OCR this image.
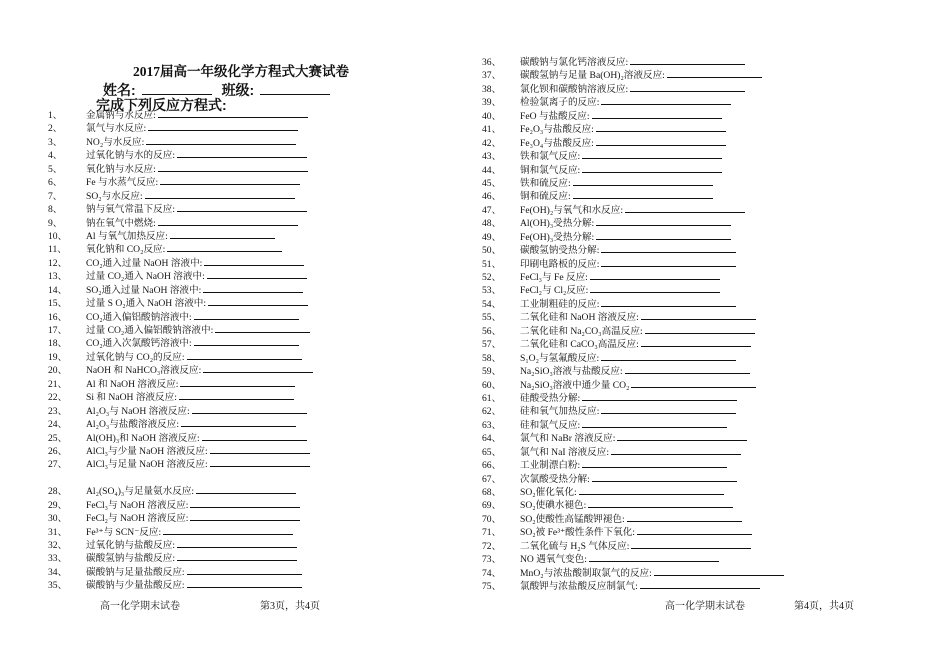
2017届高一年级化学方程式大赛试卷
姓名:	班级:
完成下列反应方程式:
1、 金属钠与水反应:
2、 氯气与水反应:
3、 NO₂与水反应:
4、 过氧化钠与水的反应:
5、 氧化钠与水反应:
6、 Fe 与水蒸气反应:
7、 SO₂与水反应:
8、 钠与氧气常温下反应:
9、 钠在氧气中燃烧:
10、 Al 与氧气加热反应:
11、 氧化钠和 CO₂反应:
12、 CO₂通入过量 NaOH 溶液中:
13、 过量 CO₂通入 NaOH 溶液中:
14、 SO₂通入过量 NaOH 溶液中:
15、 过量 S O₂通入 NaOH 溶液中:
16、 CO₂通入偏铝酸钠溶液中:
17、 过量 CO₂通入偏铝酸钠溶液中:
18、 CO₂通入次氯酸钙溶液中:
19、 过氧化钠与 CO₂的反应:
20、 NaOH 和 NaHCO₃溶液反应:
21、 Al 和 NaOH 溶液反应:
22、 Si 和 NaOH 溶液反应:
23、 Al₂O₃与 NaOH 溶液反应:
24、 Al₂O₃与盐酸溶液反应:
25、 Al(OH)₃和 NaOH 溶液反应:
26、 AlCl₃与少量 NaOH 溶液反应:
27、 AlCl₃与足量 NaOH 溶液反应:
28、 Al₂(SO₄)₃与足量氨水反应:
29、 FeCl₃与 NaOH 溶液反应:
30、 FeCl₂与 NaOH 溶液反应:
31、 Fe³⁺与 SCN⁻反应:
32、 过氧化钠与盐酸反应:
33、 碳酸氢钠与盐酸反应:
34、 碳酸钠与足量盐酸反应:
35、 碳酸钠与少量盐酸反应:
高一化学期末试卷	第3页，共4页
36、 碳酸钠与氯化钙溶液反应:
37、 碳酸氢钠与足量 Ba(OH)₂溶液反应:
38、 氯化钡和碳酸钠溶液反应:
39、 检验氯离子的反应:
40、 FeO 与盐酸反应:
41、 Fe₂O₃与盐酸反应:
42、 Fe₃O₄与盐酸反应:
43、 铁和氯气反应:
44、 铜和氯气反应:
45、 铁和硫反应:
46、 铜和硫反应:
47、 Fe(OH)₂与氧气和水反应:
48、 Al(OH)₃受热分解:
49、 Fe(OH)₃受热分解:
50、 碳酸氢钠受热分解:
51、 印刷电路板的反应:
52、 FeCl₃与 Fe 反应:
53、 FeCl₂与 Cl₂反应:
54、 工业制粗硅的反应:
55、 二氧化硅和 NaOH 溶液反应:
56、 二氧化硅和 Na₂CO₃高温反应:
57、 二氧化硅和 CaCO₃高温反应:
58、 S₁O₂与氢氟酸反应:
59、 Na₂SiO₃溶液与盐酸反应:
60、 Na₂SiO₃溶液中通少量 CO₂
61、 硅酸受热分解:
62、 硅和氧气加热反应:
63、 硅和氯气反应:
64、 氯气和 NaBr 溶液反应:
65、 氯气和 NaI 溶液反应:
66、 工业制漂白粉:
67、 次氯酸受热分解:
68、 SO₂催化氧化:
69、 SO₂使碘水褪色:
70、 SO₂使酸性高锰酸钾褪色:
71、 SO₂被 Fe³⁺酸性条件下氧化:
72、 二氧化硫与 H₂S 气体反应:
73、 NO 遇氧气变色:
74、 MnO₂与浓盐酸制取氯气的反应:
75、 氯酸钾与浓盐酸反应制氯气:
高一化学期末试卷	第4页，共4页
